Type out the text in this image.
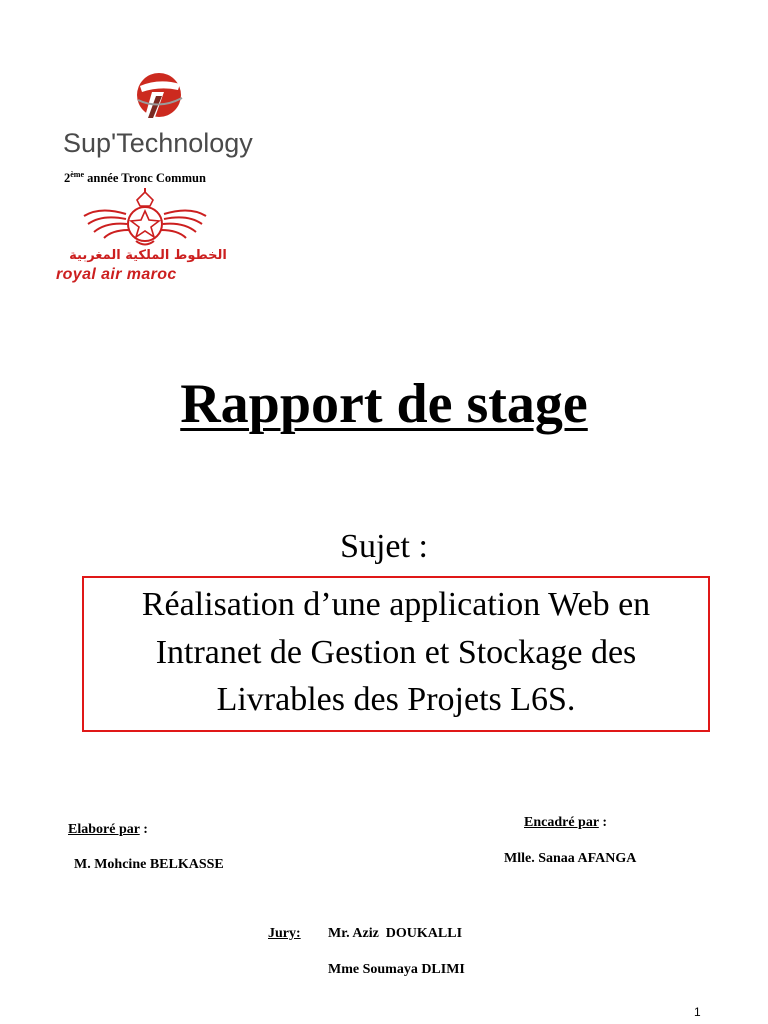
Sup'Technology
2ème année Tronc Commun
الخطوط الملكية المغربية
royal air maroc
Rapport de stage
Sujet :
Réalisation d’une application Web en
Intranet de Gestion et Stockage des
Livrables des Projets L6S.
Elaboré par :
M. Mohcine BELKASSE
Encadré par :
Mlle. Sanaa AFANGA
Jury: Mr. Aziz  DOUKALLI
Mme Soumaya DLIMI
1
